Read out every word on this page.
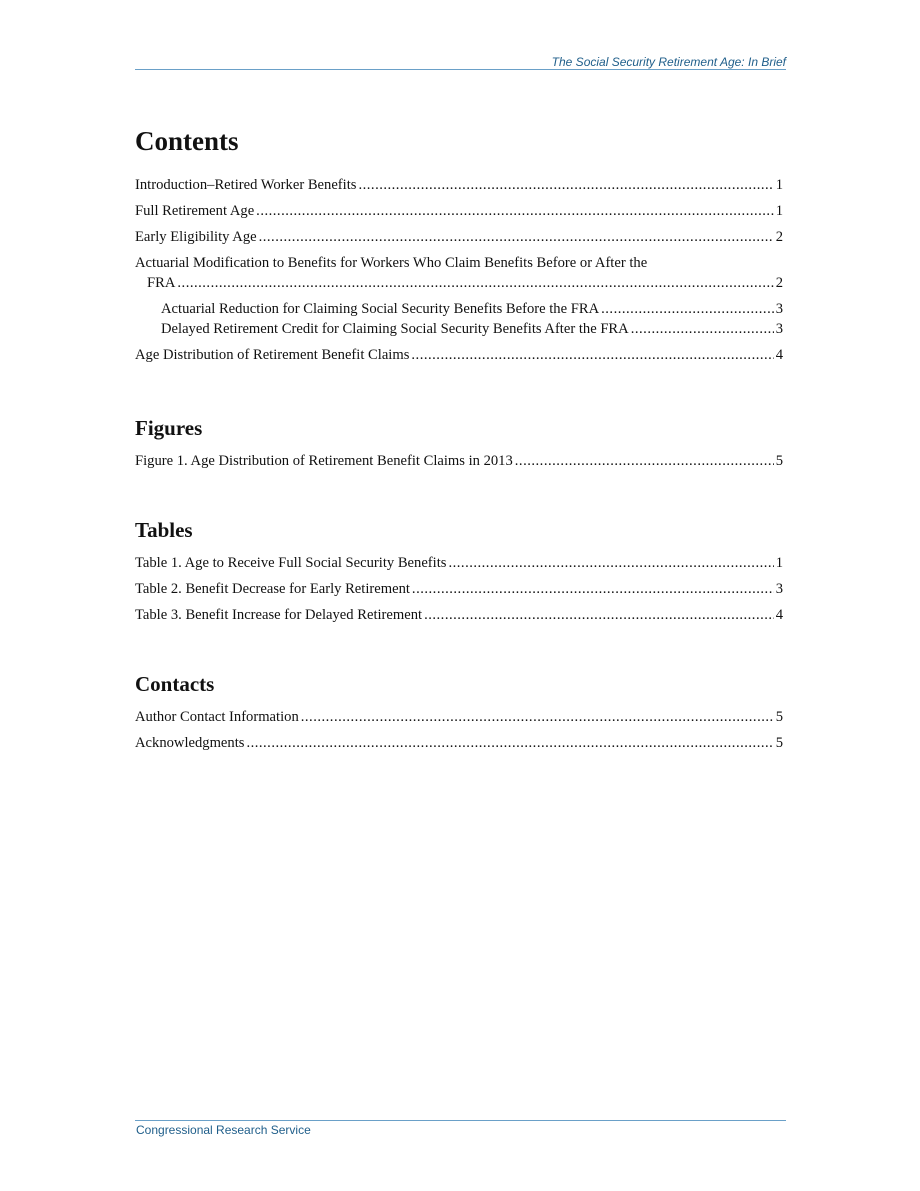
The Social Security Retirement Age: In Brief
Contents
Introduction–Retired Worker Benefits .....	1
Full Retirement Age .....	1
Early Eligibility Age .....	2
Actuarial Modification to Benefits for Workers Who Claim Benefits Before or After the
FRA .....	2
Actuarial Reduction for Claiming Social Security Benefits Before the FRA .....	3
Delayed Retirement Credit for Claiming Social Security Benefits After the FRA .....	3
Age Distribution of Retirement Benefit Claims .....	4
Figures
Figure 1. Age Distribution of Retirement Benefit Claims in 2013 .....	5
Tables
Table 1. Age to Receive Full Social Security Benefits .....	1
Table 2. Benefit Decrease for Early Retirement .....	3
Table 3. Benefit Increase for Delayed Retirement .....	4
Contacts
Author Contact Information .....	5
Acknowledgments .....	5
Congressional Research Service
